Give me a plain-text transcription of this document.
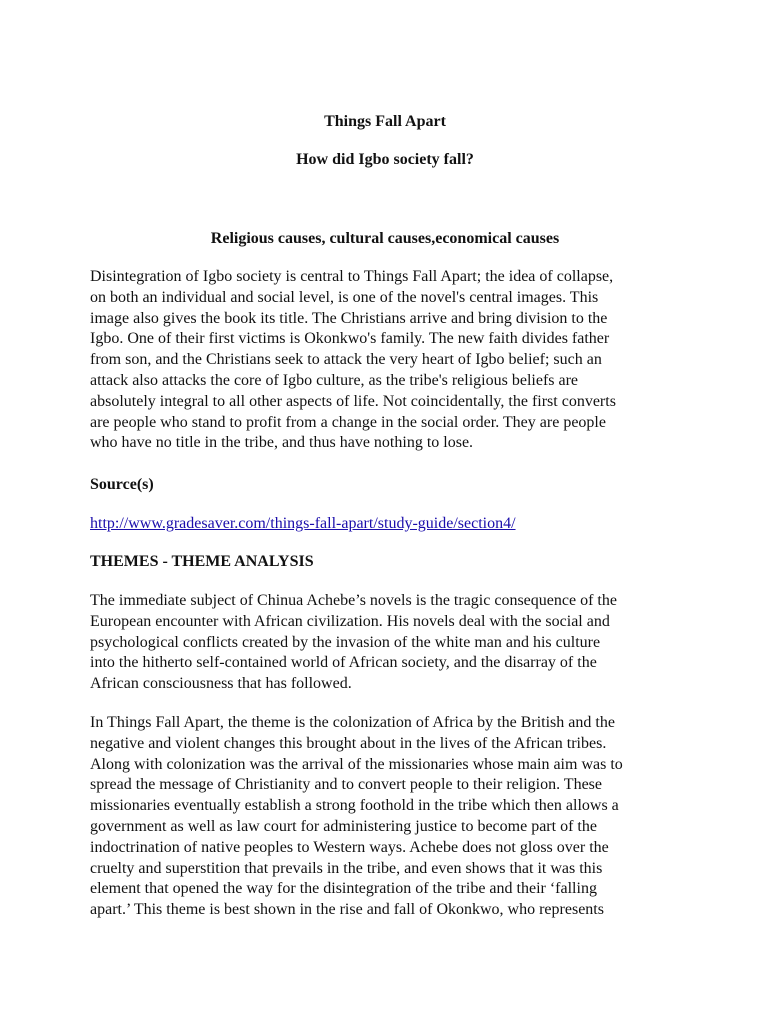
Things Fall Apart

How did Igbo society fall?

Religious causes, cultural causes,economical causes

Disintegration of Igbo society is central to Things Fall Apart; the idea of collapse,
on both an individual and social level, is one of the novel's central images. This
image also gives the book its title. The Christians arrive and bring division to the
Igbo. One of their first victims is Okonkwo's family. The new faith divides father
from son, and the Christians seek to attack the very heart of Igbo belief; such an
attack also attacks the core of Igbo culture, as the tribe's religious beliefs are
absolutely integral to all other aspects of life. Not coincidentally, the first converts
are people who stand to profit from a change in the social order. They are people
who have no title in the tribe, and thus have nothing to lose.

Source(s)

http://www.gradesaver.com/things-fall-apart/study-guide/section4/

THEMES - THEME ANALYSIS

The immediate subject of Chinua Achebe’s novels is the tragic consequence of the
European encounter with African civilization. His novels deal with the social and
psychological conflicts created by the invasion of the white man and his culture
into the hitherto self-contained world of African society, and the disarray of the
African consciousness that has followed.

In Things Fall Apart, the theme is the colonization of Africa by the British and the
negative and violent changes this brought about in the lives of the African tribes.
Along with colonization was the arrival of the missionaries whose main aim was to
spread the message of Christianity and to convert people to their religion. These
missionaries eventually establish a strong foothold in the tribe which then allows a
government as well as law court for administering justice to become part of the
indoctrination of native peoples to Western ways. Achebe does not gloss over the
cruelty and superstition that prevails in the tribe, and even shows that it was this
element that opened the way for the disintegration of the tribe and their ‘falling
apart.’ This theme is best shown in the rise and fall of Okonkwo, who represents
